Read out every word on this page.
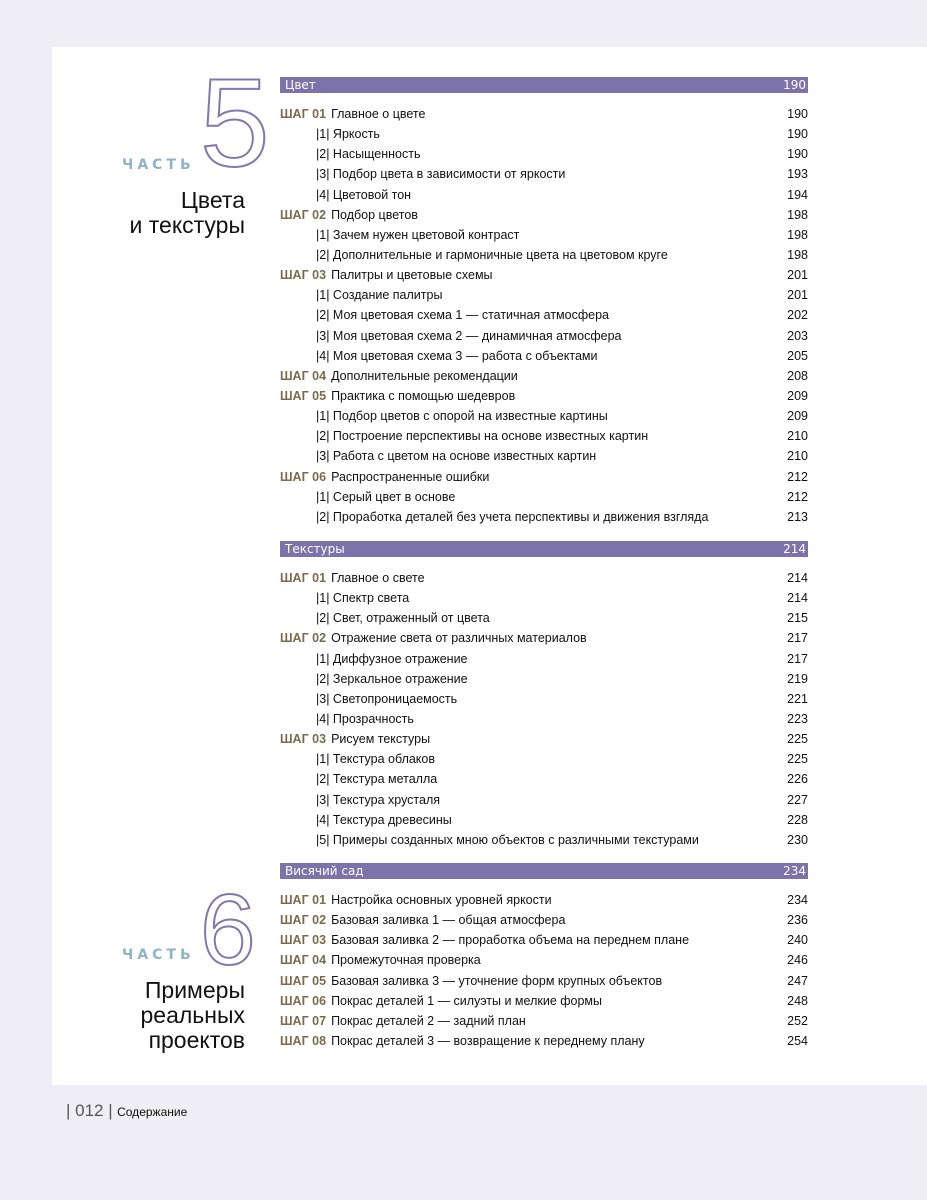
5
ЧАСТЬ
Цвета
и текстуры
6
ЧАСТЬ
Примеры
реальных
проектов
Цвет	190
ШАГ 01 Главное о цвете	190
|1| Яркость	190
|2| Насыщенность	190
|3| Подбор цвета в зависимости от яркости	193
|4| Цветовой тон	194
ШАГ 02 Подбор цветов	198
|1| Зачем нужен цветовой контраст	198
|2| Дополнительные и гармоничные цвета на цветовом круге	198
ШАГ 03 Палитры и цветовые схемы	201
|1| Создание палитры	201
|2| Моя цветовая схема 1 — статичная атмосфера	202
|3| Моя цветовая схема 2 — динамичная атмосфера	203
|4| Моя цветовая схема 3 — работа с объектами	205
ШАГ 04 Дополнительные рекомендации	208
ШАГ 05 Практика с помощью шедевров	209
|1| Подбор цветов с опорой на известные картины	209
|2| Построение перспективы на основе известных картин	210
|3| Работа с цветом на основе известных картин	210
ШАГ 06 Распространенные ошибки	212
|1| Серый цвет в основе	212
|2| Проработка деталей без учета перспективы и движения взгляда	213
Текстуры	214
ШАГ 01 Главное о свете	214
|1| Спектр света	214
|2| Свет, отраженный от цвета	215
ШАГ 02 Отражение света от различных материалов	217
|1| Диффузное отражение	217
|2| Зеркальное отражение	219
|3| Светопроницаемость	221
|4| Прозрачность	223
ШАГ 03 Рисуем текстуры	225
|1| Текстура облаков	225
|2| Текстура металла	226
|3| Текстура хрусталя	227
|4| Текстура древесины	228
|5| Примеры созданных мною объектов с различными текстурами	230
Висячий сад	234
ШАГ 01 Настройка основных уровней яркости	234
ШАГ 02 Базовая заливка 1 — общая атмосфера	236
ШАГ 03 Базовая заливка 2 — проработка объема на переднем плане	240
ШАГ 04 Промежуточная проверка	246
ШАГ 05 Базовая заливка 3 — уточнение форм крупных объектов	247
ШАГ 06 Покрас деталей 1 — силуэты и мелкие формы	248
ШАГ 07 Покрас деталей 2 — задний план	252
ШАГ 08 Покрас деталей 3 — возвращение к переднему плану	254
| 012 | Содержание
